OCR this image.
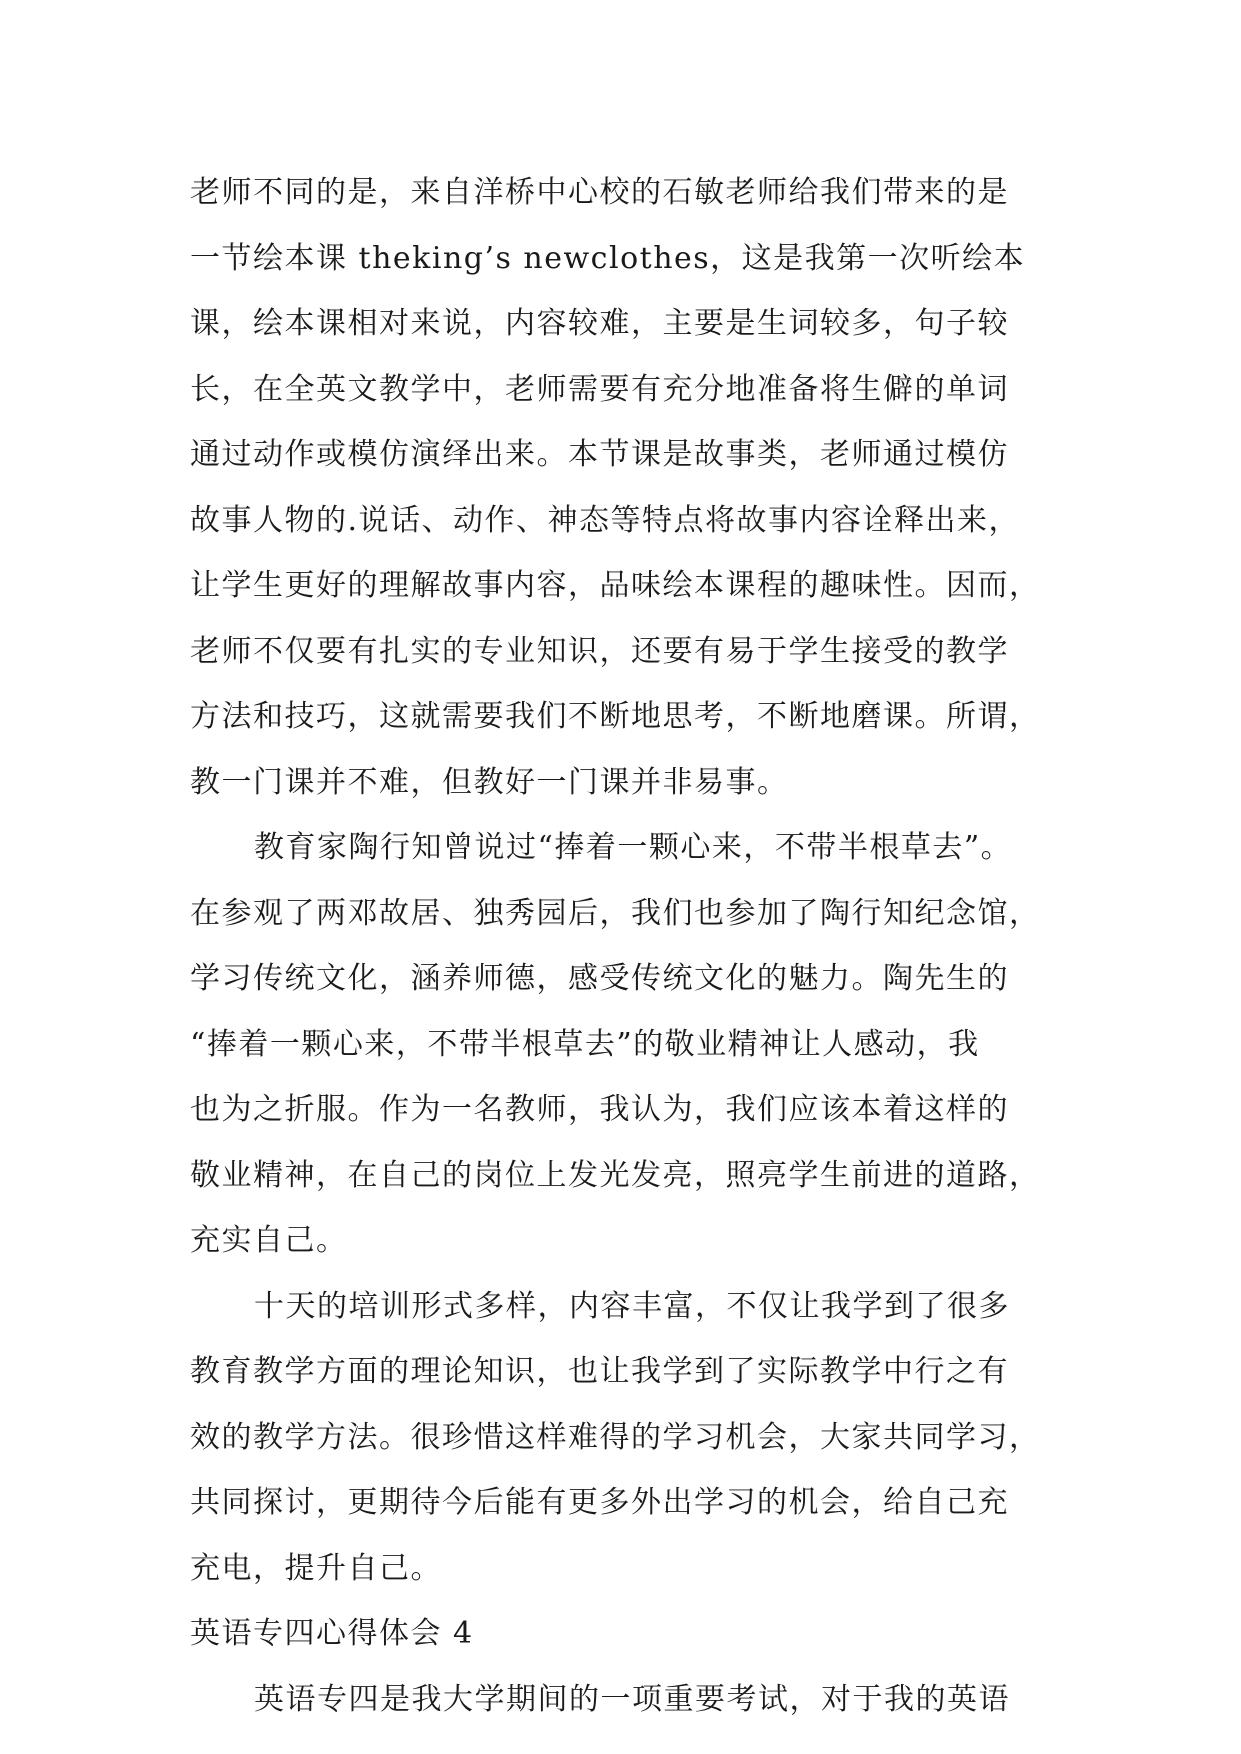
老师不同的是，来自洋桥中心校的石敏老师给我们带来的是
一节绘本课 theking’s newclothes，这是我第一次听绘本
课，绘本课相对来说，内容较难，主要是生词较多，句子较
长，在全英文教学中，老师需要有充分地准备将生僻的单词
通过动作或模仿演绎出来。本节课是故事类，老师通过模仿
故事人物的.说话、动作、神态等特点将故事内容诠释出来，
让学生更好的理解故事内容，品味绘本课程的趣味性。因而，
老师不仅要有扎实的专业知识，还要有易于学生接受的教学
方法和技巧，这就需要我们不断地思考，不断地磨课。所谓，
教一门课并不难，但教好一门课并非易事。
教育家陶行知曾说过“捧着一颗心来，不带半根草去”。
在参观了两邓故居、独秀园后，我们也参加了陶行知纪念馆，
学习传统文化，涵养师德，感受传统文化的魅力。陶先生的
“捧着一颗心来，不带半根草去”的敬业精神让人感动，我
也为之折服。作为一名教师，我认为，我们应该本着这样的
敬业精神，在自己的岗位上发光发亮，照亮学生前进的道路，
充实自己。
十天的培训形式多样，内容丰富，不仅让我学到了很多
教育教学方面的理论知识，也让我学到了实际教学中行之有
效的教学方法。很珍惜这样难得的学习机会，大家共同学习，
共同探讨，更期待今后能有更多外出学习的机会，给自己充
充电，提升自己。
英语专四心得体会 4
英语专四是我大学期间的一项重要考试，对于我的英语
